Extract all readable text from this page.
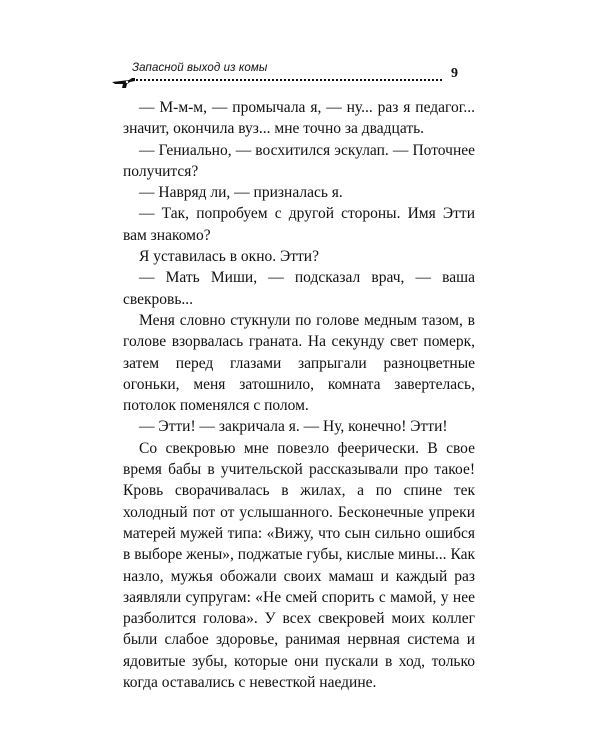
Запасной выход из комы	9

— М-м-м, — промычала я, — ну... раз я педагог... значит, окончила вуз... мне точно за двадцать.

— Гениально, — восхитился эскулап. — Поточнее получится?

— Навряд ли, — призналась я.

— Так, попробуем с другой стороны. Имя Этти вам знакомо?

Я уставилась в окно. Этти?

— Мать Миши, — подсказал врач, — ваша свекровь...

Меня словно стукнули по голове медным тазом, в голове взорвалась граната. На секунду свет померк, затем перед глазами запрыгали разноцветные огоньки, меня затошнило, комната завертелась, потолок поменялся с полом.

— Этти! — закричала я. — Ну, конечно! Этти!

Со свекровью мне повезло феерически. В свое время бабы в учительской рассказывали про такое! Кровь сворачивалась в жилах, а по спине тек холодный пот от услышанного. Бесконечные упреки матерей мужей типа: «Вижу, что сын сильно ошибся в выборе жены», поджатые губы, кислые мины... Как назло, мужья обожали своих мамаш и каждый раз заявляли супругам: «Не смей спорить с мамой, у нее разболится голова». У всех свекровей моих коллег были слабое здоровье, ранимая нервная система и ядовитые зубы, которые они пускали в ход, только когда оставались с невесткой наедине.
